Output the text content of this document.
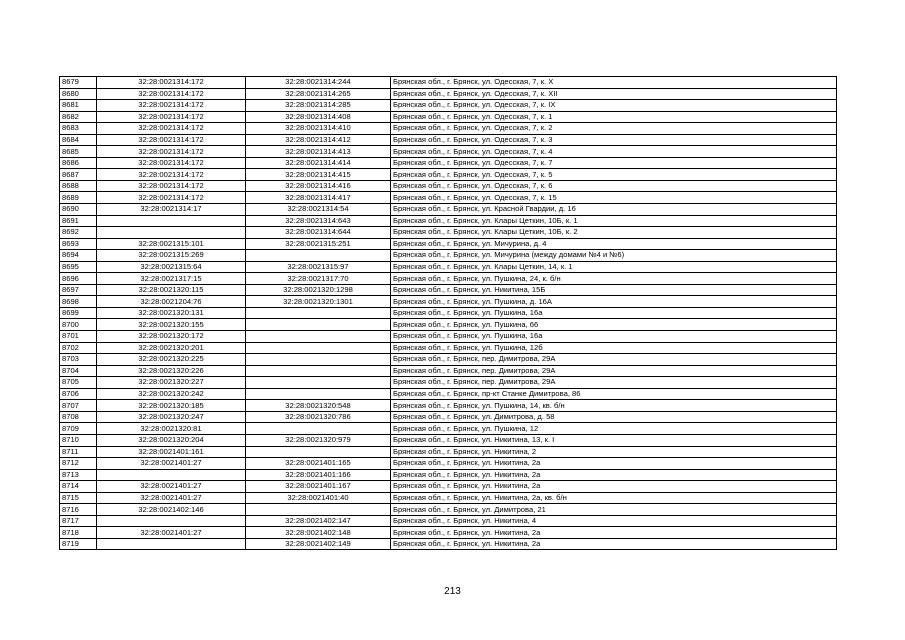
8679	32:28:0021314:172	32:28:0021314:244	Брянская обл., г. Брянск, ул. Одесская, 7, к. Х
8680	32:28:0021314:172	32:28:0021314:265	Брянская обл., г. Брянск, ул. Одесская, 7, к. XII
8681	32:28:0021314:172	32:28:0021314:285	Брянская обл., г. Брянск, ул. Одесская, 7, к. IX
8682	32:28:0021314:172	32:28:0021314:408	Брянская обл., г. Брянск, ул. Одесская, 7, к. 1
8683	32:28:0021314:172	32:28:0021314:410	Брянская обл., г. Брянск, ул. Одесская, 7, к. 2
8684	32:28:0021314:172	32:28:0021314:412	Брянская обл., г. Брянск, ул. Одесская, 7, к. 3
8685	32:28:0021314:172	32:28:0021314:413	Брянская обл., г. Брянск, ул. Одесская, 7, к. 4
8686	32:28:0021314:172	32:28:0021314:414	Брянская обл., г. Брянск, ул. Одесская, 7, к. 7
8687	32:28:0021314:172	32:28:0021314:415	Брянская обл., г. Брянск, ул. Одесская, 7, к. 5
8688	32:28:0021314:172	32:28:0021314:416	Брянская обл., г. Брянск, ул. Одесская, 7, к. 6
8689	32:28:0021314:172	32:28:0021314:417	Брянская обл., г. Брянск, ул. Одесская, 7, к. 15
8690	32:28:0021314:17	32:28:0021314:54	Брянская обл., г. Брянск, ул. Красной Гвардии, д. 16
8691		32:28:0021314:643	Брянская обл., г. Брянск, ул. Клары Цеткин, 10Б, к. 1
8692		32:28:0021314:644	Брянская обл., г. Брянск, ул. Клары Цеткин, 10Б, к. 2
8693	32:28:0021315:101	32:28:0021315:251	Брянская обл., г. Брянск, ул. Мичурина, д. 4
8694	32:28:0021315:269		Брянская обл., г. Брянск, ул. Мичурина (между домами №4 и №6)
8695	32:28:0021315:64	32:28:0021315:97	Брянская обл., г. Брянск, ул. Клары Цеткин, 14, к. 1
8696	32:28:0021317:15	32:28:0021317:70	Брянская обл., г. Брянск, ул. Пушкина, 24, к. б/н
8697	32:28:0021320:115	32:28:0021320:1298	Брянская обл., г. Брянск, ул. Никитина, 15Б
8698	32:28:0021204:76	32:28:0021320:1301	Брянская обл., г. Брянск, ул. Пушкина, д. 16А
8699	32:28:0021320:131		Брянская обл., г. Брянск, ул. Пушкина, 16а
8700	32:28:0021320:155		Брянская обл., г. Брянск, ул. Пушкина, 66
8701	32:28:0021320:172		Брянская обл., г. Брянск, ул. Пушкина, 16а
8702	32:28:0021320:201		Брянская обл., г. Брянск, ул. Пушкина, 12б
8703	32:28:0021320:225		Брянская обл., г. Брянск, пер. Димитрова, 29А
8704	32:28:0021320:226		Брянская обл., г. Брянск, пер. Димитрова, 29А
8705	32:28:0021320:227		Брянская обл., г. Брянск, пер. Димитрова, 29А
8706	32:28:0021320:242		Брянская обл., г. Брянск, пр-кт Станке Димитрова, 86
8707	32:28:0021320:185	32:28:0021320:548	Брянская обл., г. Брянск, ул. Пушкина, 14, кв. б/н
8708	32:28:0021320:247	32:28:0021320:786	Брянская обл., г. Брянск, ул. Димитрова, д. 58
8709	32:28:0021320:81		Брянская обл., г. Брянск, ул. Пушкина, 12
8710	32:28:0021320:204	32:28:0021320:979	Брянская обл., г. Брянск, ул. Никитина, 13, к. I
8711	32:28:0021401:161		Брянская обл., г. Брянск, ул. Никитина, 2
8712	32:28:0021401:27	32:28:0021401:165	Брянская обл., г. Брянск, ул. Никитина, 2а
8713		32:28:0021401:166	Брянская обл., г. Брянск, ул. Никитина, 2а
8714	32:28:0021401:27	32:28:0021401:167	Брянская обл., г. Брянск, ул. Никитина, 2а
8715	32:28:0021401:27	32:28:0021401:40	Брянская обл., г. Брянск, ул. Никитина, 2а, кв. б/н
8716	32:28:0021402:146		Брянская обл., г. Брянск, ул. Димитрова, 21
8717		32:28:0021402:147	Брянская обл., г. Брянск, ул. Никитина, 4
8718	32:28:0021401:27	32:28:0021402:148	Брянская обл., г. Брянск, ул. Никитина, 2а
8719		32:28:0021402:149	Брянская обл., г. Брянск, ул. Никитина, 2а
213
